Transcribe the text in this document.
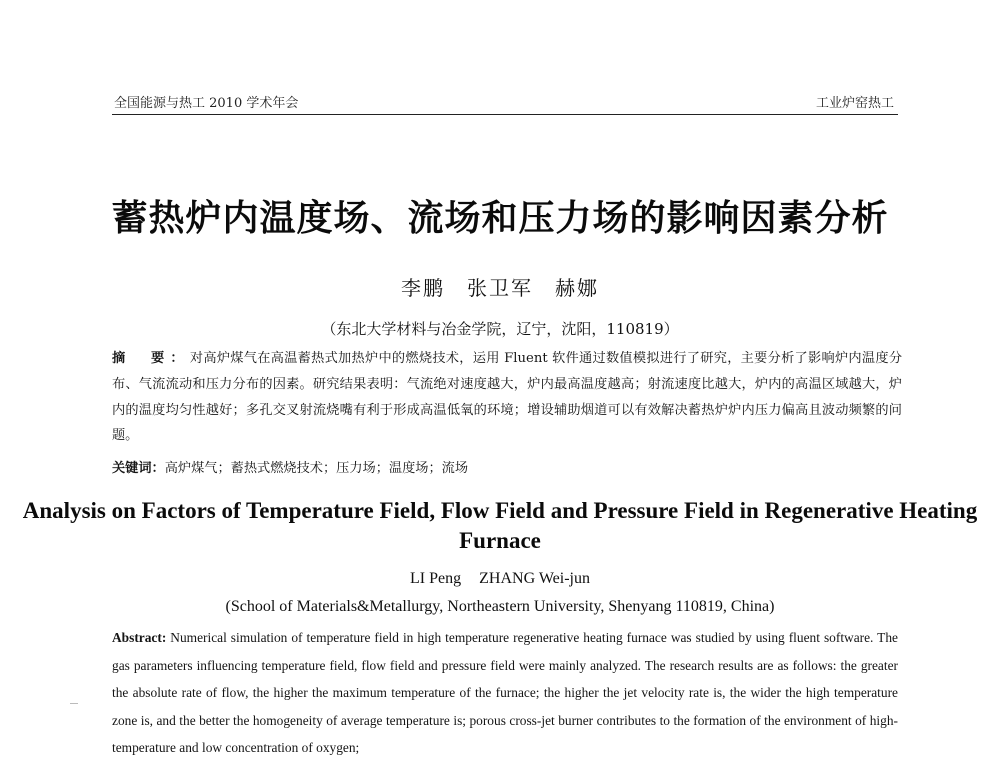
全国能源与热工 2010 学术年会	工业炉窑热工
蓄热炉内温度场、流场和压力场的影响因素分析
李鹏　张卫军　赫娜
（东北大学材料与冶金学院，辽宁，沈阳，110819）
摘　要：对高炉煤气在高温蓄热式加热炉中的燃烧技术，运用 Fluent 软件通过数值模拟进行了研究，主要分析了影响炉内温度分布、气流流动和压力分布的因素。研究结果表明：气流绝对速度越大，炉内最高温度越高；射流速度比越大，炉内的高温区域越大，炉内的温度均匀性越好；多孔交叉射流烧嘴有利于形成高温低氧的环境；增设辅助烟道可以有效解决蓄热炉炉内压力偏高且波动频繁的问题。
关键词：高炉煤气；蓄热式燃烧技术；压力场；温度场；流场
Analysis on Factors of Temperature Field, Flow Field and Pressure Field in Regenerative Heating Furnace
LI Peng ZHANG Wei-jun
(School of Materials&Metallurgy, Northeastern University, Shenyang 110819, China)
Abstract: Numerical simulation of temperature field in high temperature regenerative heating furnace was studied by using fluent software. The gas parameters influencing temperature field, flow field and pressure field were mainly analyzed. The research results are as follows: the greater the absolute rate of flow, the higher the maximum temperature of the furnace; the higher the jet velocity rate is, the wider the high temperature zone is, and the better the homogeneity of average temperature is; porous cross-jet burner contributes to the formation of the environment of high-temperature and low concentration of oxygen;
